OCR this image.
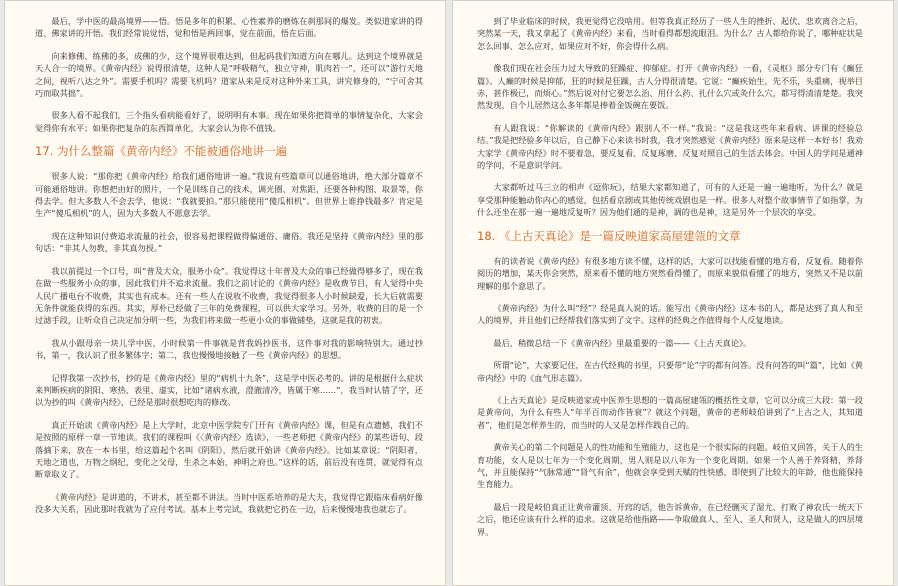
最后，学中医的最高境界——悟。悟是多年的积累、心性素养的磨炼在刹那间的爆发。类似道家讲的得道、佛家讲的开悟。我们经常说觉悟，觉和悟是两回事，觉在前面，悟在后面。

向来修佛、练佛的多，成佛的少，这个境界很难达到，但起码我们知道方向在哪儿。达到这个境界就是天人合一的境界。《黄帝内经》说得很清楚，这种人是“呼吸精气，独立守神，肌肉若一”，还可以“游行天地之间，视听八达之外”。需要手机吗？需要飞机吗？道家从来是反对这种外来工具，讲究修身的，“宁可舍其巧而取其拙”。

很多人看不起我们，三个指头看病能看好了，说明明有本事。现在如果你把简单的事情复杂化，大家会觉得你有水平；如果你把复杂的东西简单化，大家会认为你不值钱。

17. 为什么整篇《黄帝内经》不能被通俗地讲一遍

很多人说：“那你把《黄帝内经》给我们通俗地讲一遍。”我说有些篇章可以通俗地讲，绝大部分篇章不可能通俗地讲。你想把由好的照片，一个是训练自己的技术，调光圈、对焦距，还要各种构图、取景等，你得去学。但大多数人不会去学，他说：“我就要拍。”那只能使用“傻瓜相机”。但世界上谁挣钱最多？肯定是生产“傻瓜相机”的人，因为大多数人不愿意去学。

现在这种知识付费追求流量的社会，很容易把课程做得偏通俗、庸俗。我还是坚持《黄帝内经》里的那句话：“非其人勿教，非其真勿授。”

我以前提过一个口号，叫“普及大众，服务小众”。我觉得这十年普及大众的事已经做得够多了，现在我在做一些服务小众的事，因此我们并不追求流量。我们之前讨论的《黄帝内经》是收费节目，有人觉得中央人民广播电台不收费，其实也有成本。还有一些人在说收不收费，我觉得很多人小时候缺爱，长大后就需要无条件就能获得的东西。其实，厚朴已经做了三年的免费课程，可以供大家学习。另外，收费的目的是一个过滤手段，让听众自己决定加分明一些，为我们将来做一些更小众的事做铺垫，这就是我的初衷。

我从小跟母亲一块儿学中医，小时候第一件事就是背我妈抄医书，这件事对我的影响特别大。通过抄书，第一，我认识了很多繁体字；第二，我也慢慢地接触了一些《黄帝内经》的思想。

记得我第一次抄书，抄的是《黄帝内经》里的“病机十九条”，这是学中医必考的。讲的是根据什么症状来判断疾病的阴阳、寒热、表里、虚实，比如“诸病水液，澄澈清冷，皆属于寒……”，我当时认错了字，还以为抄的叫《黄帝内经》，已经是那时很想吃肉的修改。

真正开始读《黄帝内经》是上大学时，北京中医学院专门开有《黄帝内经》课，但是有点遗憾，我们不是按照的原样一章一节地读。我们的课程叫《〈黄帝内经〉选读》，一些老师把《黄帝内经》的某些语句、段落摘下来，放在一本书里，给这篇起个名叫《阴阳》，然后就开始讲《黄帝内经》。比如某章说：“阴阳者，天地之道也，万物之纲纪，变化之父母，生杀之本始，神明之府也。”这样的话，前后没有连贯，就觉得有点断章取义了。

《黄帝内经》是讲道的，不讲术，甚至都不讲法。当时中医系培养的是大夫，我觉得它跟临床看病好像没多大关系，因此那时我就为了应付考试。基本上考完试，我就把它扔在一边，后来慢慢地我也就忘了。

到了毕业临床的时候，我更觉得它没啥用。但等我真正经历了一些人生的挫折、起伏、悲欢离合之后，突然某一天，我又拿起了《黄帝内经》来看，当时看得都想流眼泪。为什么？古人都给你说了，哪种症状是怎么回事、怎么应对，如果应对不好，你会得什么病。

像我们现在社会压力过大导致的狂躁症、抑郁症。打开《黄帝内经》一看，《灵枢》部分专门有《癫狂篇》。人癫的时候是抑郁，狂的时候是狂躁，古人分得很清楚。它说：“癫疾始生，先不乐，头重痛，视举目赤，甚作极已，而烦心。”然后说对付它要怎么治、用什么药、扎什么穴或灸什么穴，都写得清清楚楚。我突然发现，自个儿居然这么多年都是捧着金饭碗在要饭。

有人跟我说：“你解读的《黄帝内经》跟别人不一样。”我说：“这是我这些年来看病、讲课的经验总结。”我是把经验多年以后，自己静下心来读书时我，我才突然感觉《黄帝内经》原来是这样一本好书！我劝大家学《黄帝内经》时不要着急，要反复看、反复琢磨、反复对照自己的生活去体会。中国人的学问是通神的学问，不是意识学问。

大家都听过马三立的相声《逗你玩》，结果大家都知道了，可有的人还是一遍一遍地听，为什么？就是享受那种能触动你内心的感觉，包括看京剧或其他传统戏剧也是一样。很多人对整个故事情节了如指掌，为什么还坐在那一遍一遍地反复听？因为他们通的是神，调的也是神，这是另外一个层次的享受。

18. 《上古天真论》是一篇反映道家高屋建瓴的文章

有的读者说《黄帝内经》有很多地方读不懂，这样的话，大家可以找能看懂的地方看，反复看。随着你阅历的增加，某天你会突然，原来看不懂的地方突然看得懂了，而原来貌似看懂了的地方，突然又不是以前理解的那个意思了。

《黄帝内经》为什么叫“经”？经是真人说的话。能写出《黄帝内经》这本书的人，都是达到了真人和至人的境界，并且他们已经帮我们落实到了文字。这样的经典之作值得每个人反复地读。

最后，稍微总结一下《黄帝内经》里最重要的一篇——《上古天真论》。

所谓“论”，大家要记住，在古代经典的书里，只要带“论”字的都有问答。没有问答的叫“篇”，比如《黄帝内经》中的《血气形志篇》。

《上古天真论》是反映道家或中医养生思想的一篇高屋建瓴的概括性文章，它可以分成三大段：第一段是黄帝问，为什么有些人“年半百而动作皆衰”？就这个问题，黄帝的老师岐伯讲到了“上古之人，其知道者”，他们是怎样养生的，而当时的人又是怎样作践自己的。

黄帝关心的第二个问题是人的性功能和生殖能力，这也是一个很实际的问题。岐伯又回答，关于人的生育功能，女人是以七年为一个变化周期，男人则是以八年为一个变化周期。如果一个人善于养肾精，养肾气，并且能保持“气脉常通”“肾气有余”，他就会享受到天赋的性快感，即使到了比较大的年龄，他也能保持生育能力。

最后一段是岐伯真正让黄帝灌顶、开窍的话，他告诉黄帝，在已经删灭了湿尤、打败了神农氏一统天下之后，他还应该有什么样的追求。这就是给他指路——争取做真人、至人、圣人和贤人，这是做人的四层境界。
